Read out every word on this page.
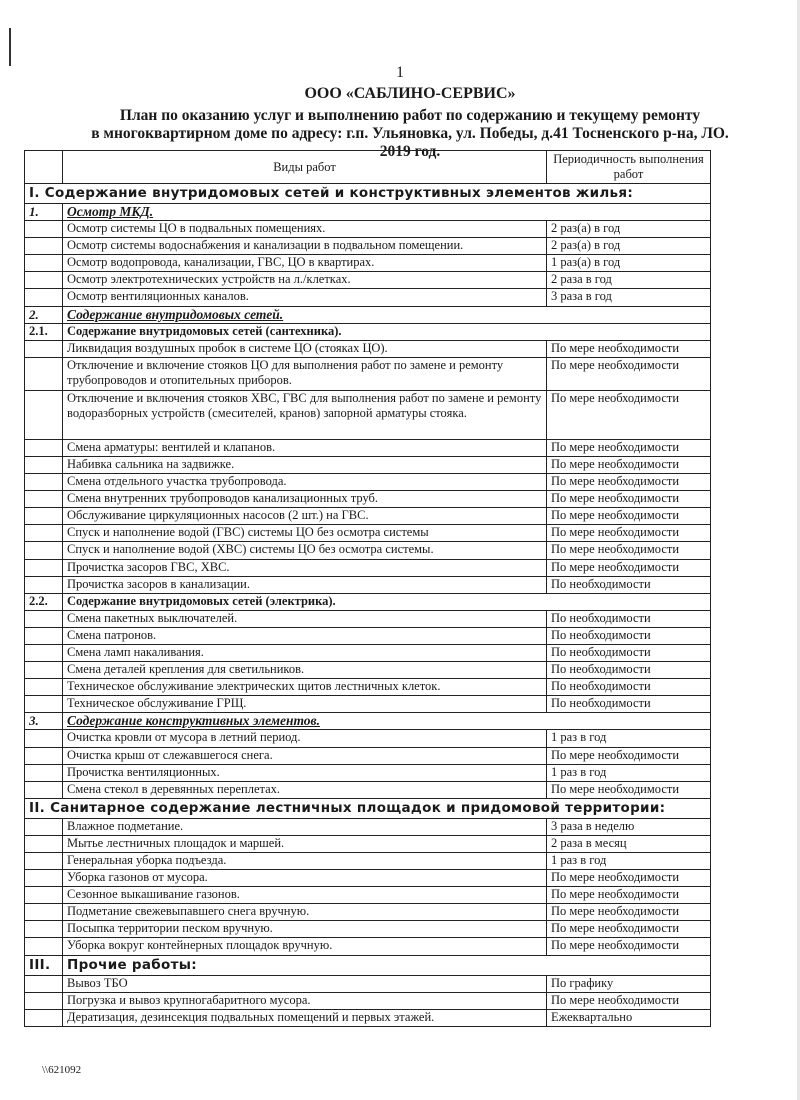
1
ООО «САБЛИНО-СЕРВИС»
План по оказанию услуг и выполнению работ по содержанию и текущему ремонту
в многоквартирном доме по адресу: г.п. Ульяновка, ул. Победы, д.41 Тосненского р-на, ЛО.
2019 год.
	Виды работ	Периодичность выполнения работ
I. Содержание внутридомовых сетей и конструктивных элементов жилья:		
1.	Осмотр МКД.	
	Осмотр системы ЦО в подвальных помещениях.	2 раз(а) в год
	Осмотр системы водоснабжения и канализации в подвальном помещении.	2 раз(а) в год
	Осмотр водопровода, канализации, ГВС, ЦО в квартирах.	1 раз(а) в год
	Осмотр электротехнических устройств на л./клетках.	2 раза в год
	Осмотр вентиляционных каналов.	3 раза в год
2.	Содержание внутридомовых сетей.	
2.1.	Содержание внутридомовых сетей (сантехника).	
	Ликвидация воздушных пробок в системе ЦО (стояках ЦО).	По мере необходимости
	Отключение и включение стояков ЦО для выполнения работ по замене и ремонту трубопроводов и отопительных приборов.	По мере необходимости
	Отключение и включения стояков ХВС, ГВС для выполнения работ по замене и ремонту водоразборных устройств (смесителей, кранов) запорной арматуры стояка.	По мере необходимости
	Смена арматуры: вентилей и клапанов.	По мере необходимости
	Набивка сальника на задвижке.	По мере необходимости
	Смена отдельного участка трубопровода.	По мере необходимости
	Смена внутренних трубопроводов канализационных труб.	По мере необходимости
	Обслуживание циркуляционных насосов (2 шт.) на ГВС.	По мере необходимости
	Спуск и наполнение водой (ГВС) системы ЦО без осмотра системы	По мере необходимости
	Спуск и наполнение водой (ХВС) системы ЦО без осмотра системы.	По мере необходимости
	Прочистка засоров ГВС, ХВС.	По мере необходимости
	Прочистка засоров в канализации.	По необходимости
2.2.	Содержание внутридомовых сетей (электрика).	
	Смена пакетных выключателей.	По необходимости
	Смена патронов.	По необходимости
	Смена ламп накаливания.	По необходимости
	Смена деталей крепления для светильников.	По необходимости
	Техническое обслуживание электрических щитов лестничных клеток.	По необходимости
	Техническое обслуживание ГРЩ.	По необходимости
3.	Содержание конструктивных элементов.	
	Очистка кровли от мусора в летний период.	1 раз в год
	Очистка крыш от слежавшегося снега.	По мере необходимости
	Прочистка вентиляционных.	1 раз в год
	Смена стекол в деревянных переплетах.	По мере необходимости
II. Санитарное содержание лестничных площадок и придомовой территории:		
	Влажное подметание.	3 раза в неделю
	Мытье лестничных площадок и маршей.	2 раза в месяц
	Генеральная уборка подъезда.	1 раз в год
	Уборка газонов от мусора.	По мере необходимости
	Сезонное выкашивание газонов.	По мере необходимости
	Подметание свежевыпавшего снега вручную.	По мере необходимости
	Посыпка территории песком вручную.	По мере необходимости
	Уборка вокруг контейнерных площадок вручную.	По мере необходимости
III.	Прочие работы:	
	Вывоз ТБО	По графику
	Погрузка и вывоз крупногабаритного мусора.	По мере необходимости
	Дератизация, дезинсекция подвальных помещений и первых этажей.	Ежеквартально
\\621092
